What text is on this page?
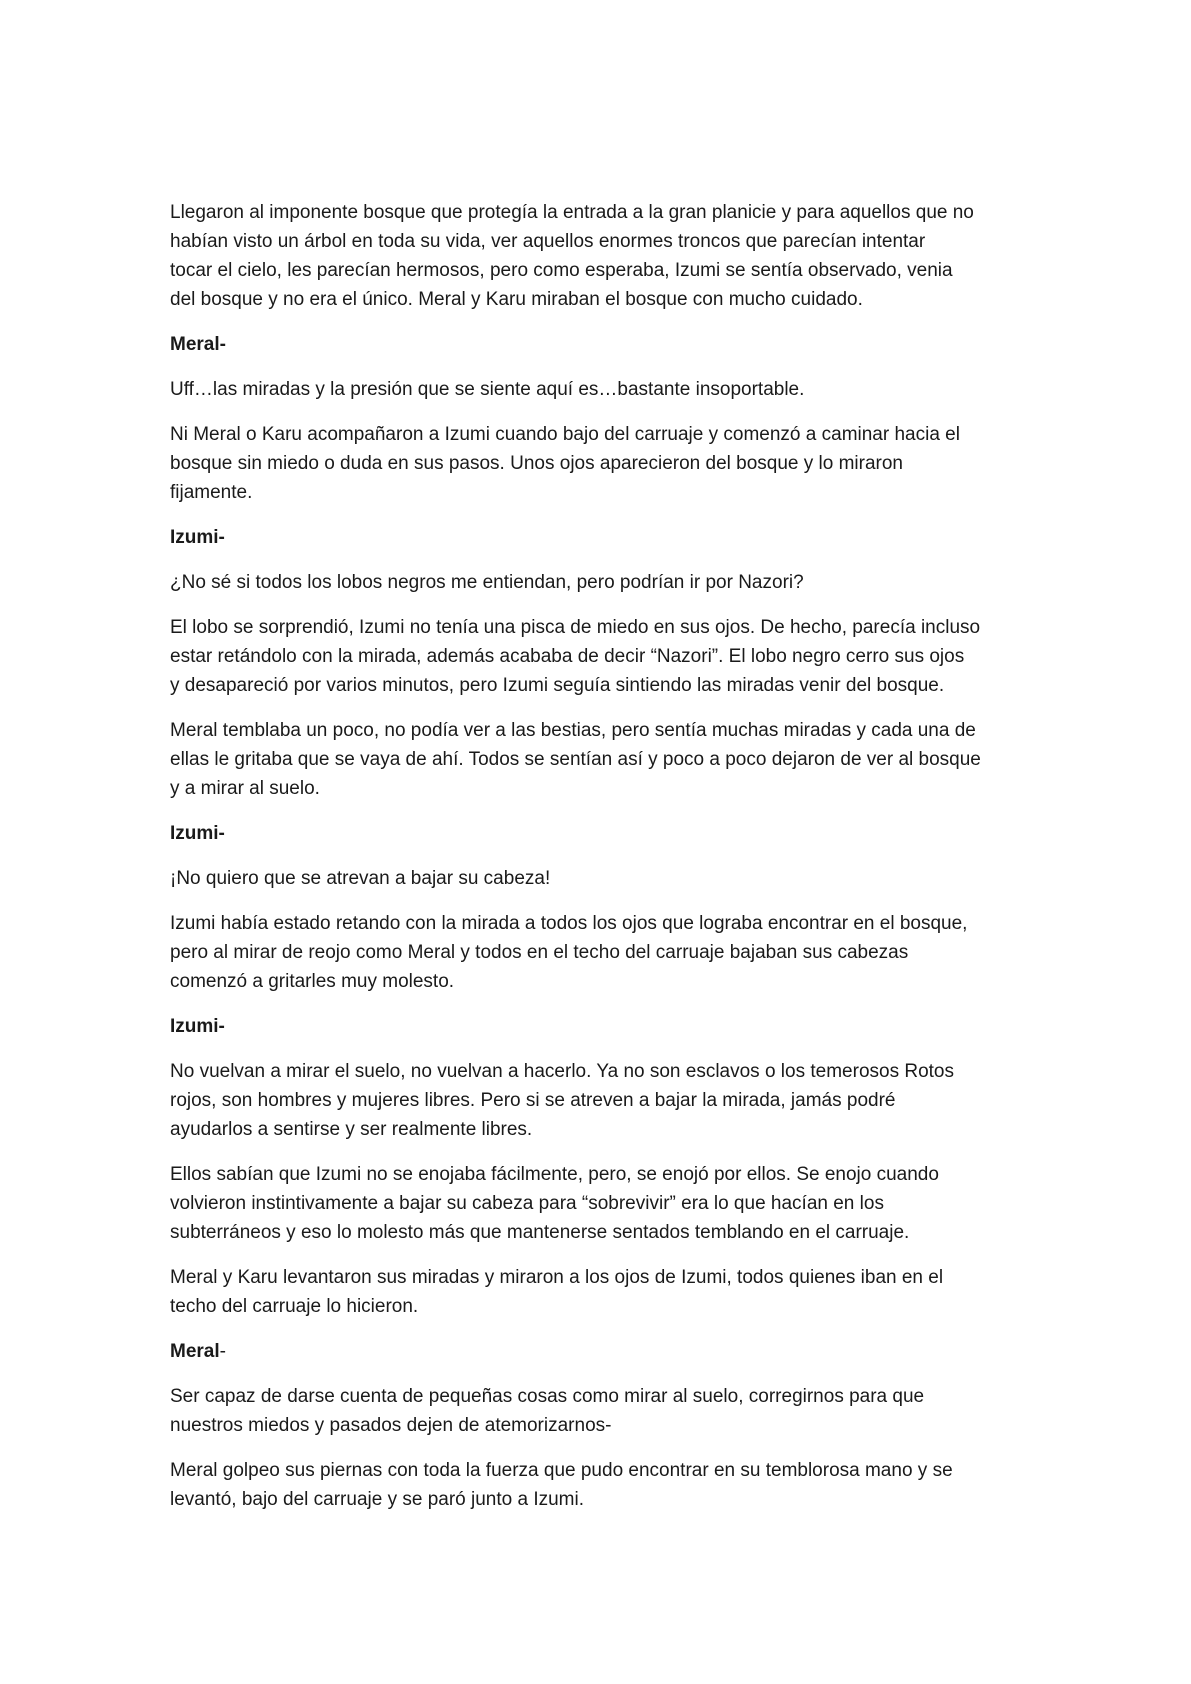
Llegaron al imponente bosque que protegía la entrada a la gran planicie y para aquellos que no
habían visto un árbol en toda su vida, ver aquellos enormes troncos que parecían intentar
tocar el cielo, les parecían hermosos, pero como esperaba, Izumi se sentía observado, venia
del bosque y no era el único. Meral y Karu miraban el bosque con mucho cuidado.
Meral-
Uff…las miradas y la presión que se siente aquí es…bastante insoportable.
Ni Meral o Karu acompañaron a Izumi cuando bajo del carruaje y comenzó a caminar hacia el
bosque sin miedo o duda en sus pasos. Unos ojos aparecieron del bosque y lo miraron
fijamente.
Izumi-
¿No sé si todos los lobos negros me entiendan, pero podrían ir por Nazori?
El lobo se sorprendió, Izumi no tenía una pisca de miedo en sus ojos. De hecho, parecía incluso
estar retándolo con la mirada, además acababa de decir “Nazori”. El lobo negro cerro sus ojos
y desapareció por varios minutos, pero Izumi seguía sintiendo las miradas venir del bosque.
Meral temblaba un poco, no podía ver a las bestias, pero sentía muchas miradas y cada una de
ellas le gritaba que se vaya de ahí. Todos se sentían así y poco a poco dejaron de ver al bosque
y a mirar al suelo.
Izumi-
¡No quiero que se atrevan a bajar su cabeza!
Izumi había estado retando con la mirada a todos los ojos que lograba encontrar en el bosque,
pero al mirar de reojo como Meral y todos en el techo del carruaje bajaban sus cabezas
comenzó a gritarles muy molesto.
Izumi-
No vuelvan a mirar el suelo, no vuelvan a hacerlo. Ya no son esclavos o los temerosos Rotos
rojos, son hombres y mujeres libres. Pero si se atreven a bajar la mirada, jamás podré
ayudarlos a sentirse y ser realmente libres.
Ellos sabían que Izumi no se enojaba fácilmente, pero, se enojó por ellos. Se enojo cuando
volvieron instintivamente a bajar su cabeza para “sobrevivir” era lo que hacían en los
subterráneos y eso lo molesto más que mantenerse sentados temblando en el carruaje.
Meral y Karu levantaron sus miradas y miraron a los ojos de Izumi, todos quienes iban en el
techo del carruaje lo hicieron.
Meral-
Ser capaz de darse cuenta de pequeñas cosas como mirar al suelo, corregirnos para que
nuestros miedos y pasados dejen de atemorizarnos-
Meral golpeo sus piernas con toda la fuerza que pudo encontrar en su temblorosa mano y se
levantó, bajo del carruaje y se paró junto a Izumi.
